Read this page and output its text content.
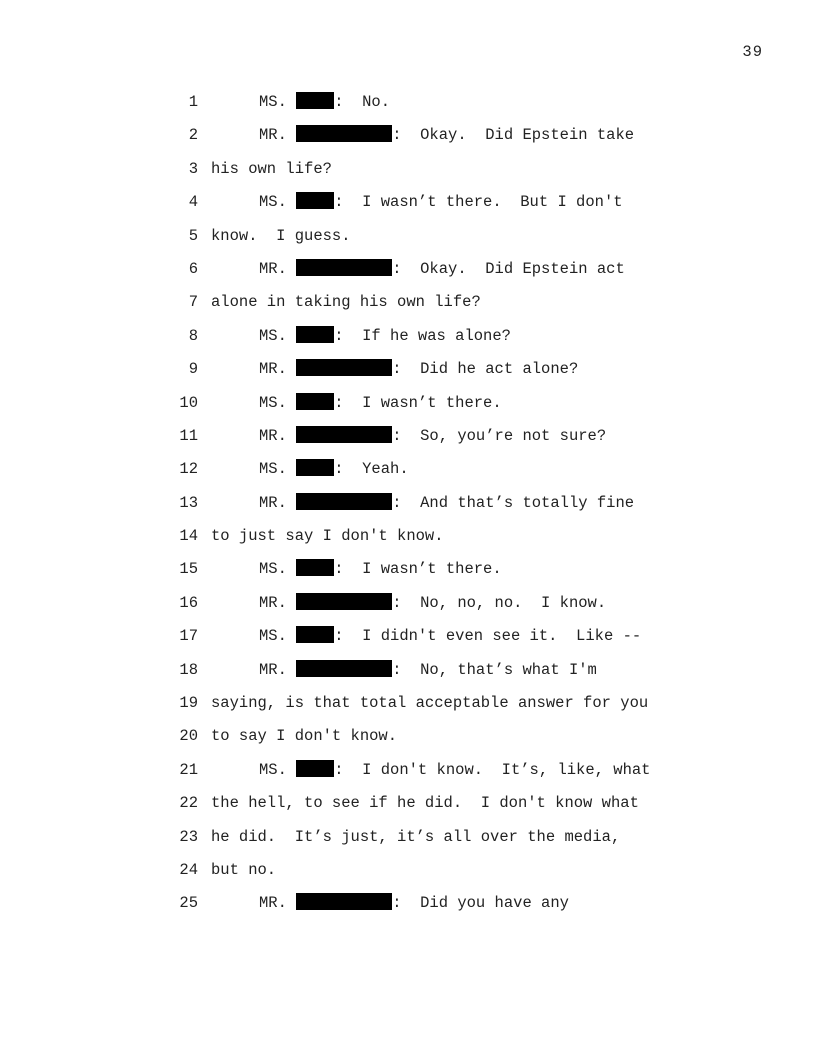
39
1	MS.	:  No.
2	MR.	:  Okay.  Did Epstein take
3 his own life?
4	MS.	:  I wasn’t there.  But I don't
5 know.  I guess.
6	MR.	:  Okay.  Did Epstein act
7 alone in taking his own life?
8	MS.	:  If he was alone?
9	MR.	:  Did he act alone?
10	MS.	:  I wasn’t there.
11	MR.	:  So, you’re not sure?
12	MS.	:  Yeah.
13	MR.	:  And that’s totally fine
14 to just say I don't know.
15	MS.	:  I wasn’t there.
16	MR.	:  No, no, no.  I know.
17	MS.	:  I didn't even see it.  Like --
18	MR.	:  No, that’s what I'm
19 saying, is that total acceptable answer for you
20 to say I don't know.
21	MS.	:  I don't know.  It’s, like, what
22 the hell, to see if he did.  I don't know what
23 he did.  It’s just, it’s all over the media,
24 but no.
25	MR.	:  Did you have any
